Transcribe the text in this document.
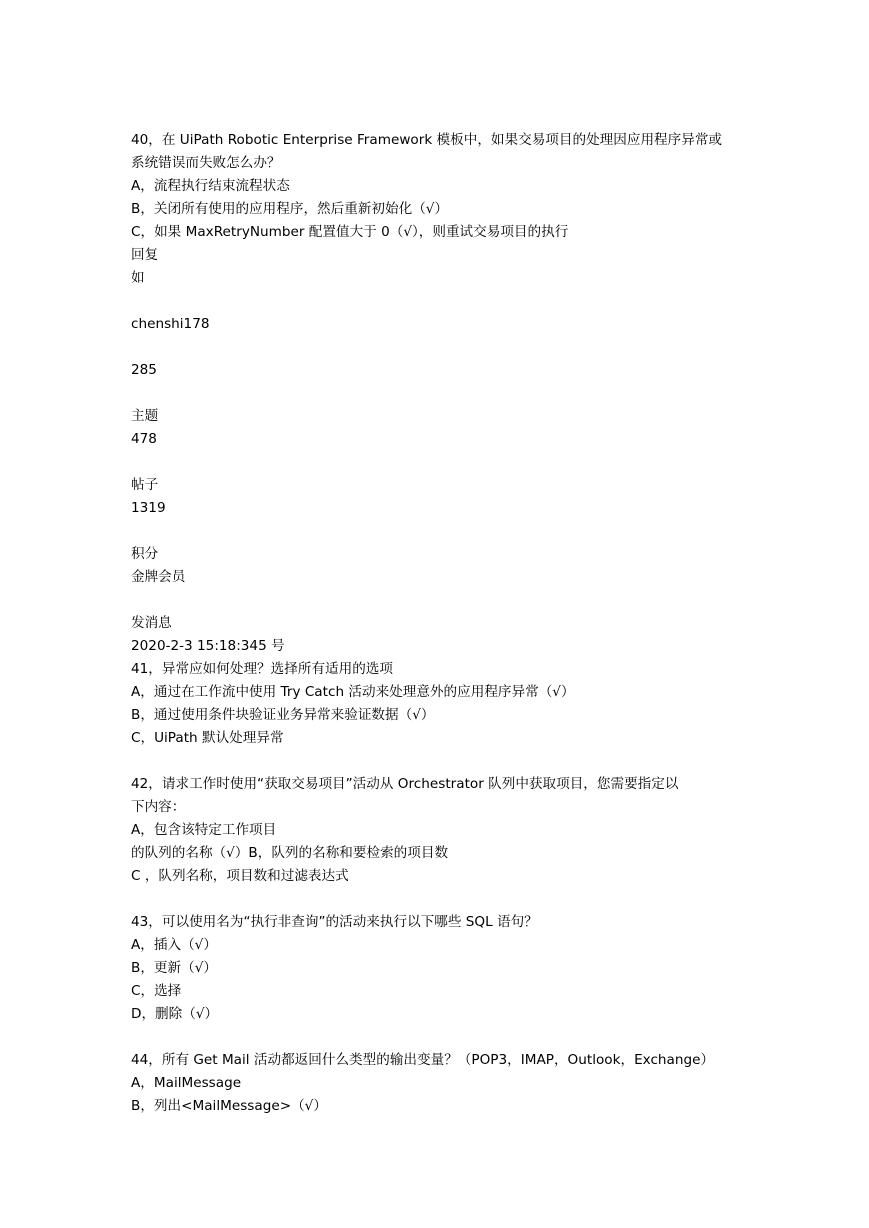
40，在 UiPath Robotic Enterprise Framework 模板中，如果交易项目的处理因应用程序异常或
系统错误而失败怎么办？
A，流程执行结束流程状态
B，关闭所有使用的应用程序，然后重新初始化（√）
C，如果 MaxRetryNumber 配置值大于 0（√），则重试交易项目的执行
回复
如
chenshi178
285
主题
478
帖子
1319
积分
金牌会员
发消息
2020-2-3 15:18:345 号
41，异常应如何处理？选择所有适用的选项
A，通过在工作流中使用 Try Catch 活动来处理意外的应用程序异常（√）
B，通过使用条件块验证业务异常来验证数据（√）
C，UiPath 默认处理异常
42，请求工作时使用“获取交易项目”活动从 Orchestrator 队列中获取项目，您需要指定以
下内容：
A，包含该特定工作项目
的队列的名称（√）B，队列的名称和要检索的项目数
C ，队列名称，项目数和过滤表达式
43，可以使用名为“执行非查询”的活动来执行以下哪些 SQL 语句？
A，插入（√）
B，更新（√）
C，选择
D，删除（√）
44，所有 Get Mail 活动都返回什么类型的输出变量？（POP3，IMAP，Outlook，Exchange）
A，MailMessage
B，列出<MailMessage>（√）
